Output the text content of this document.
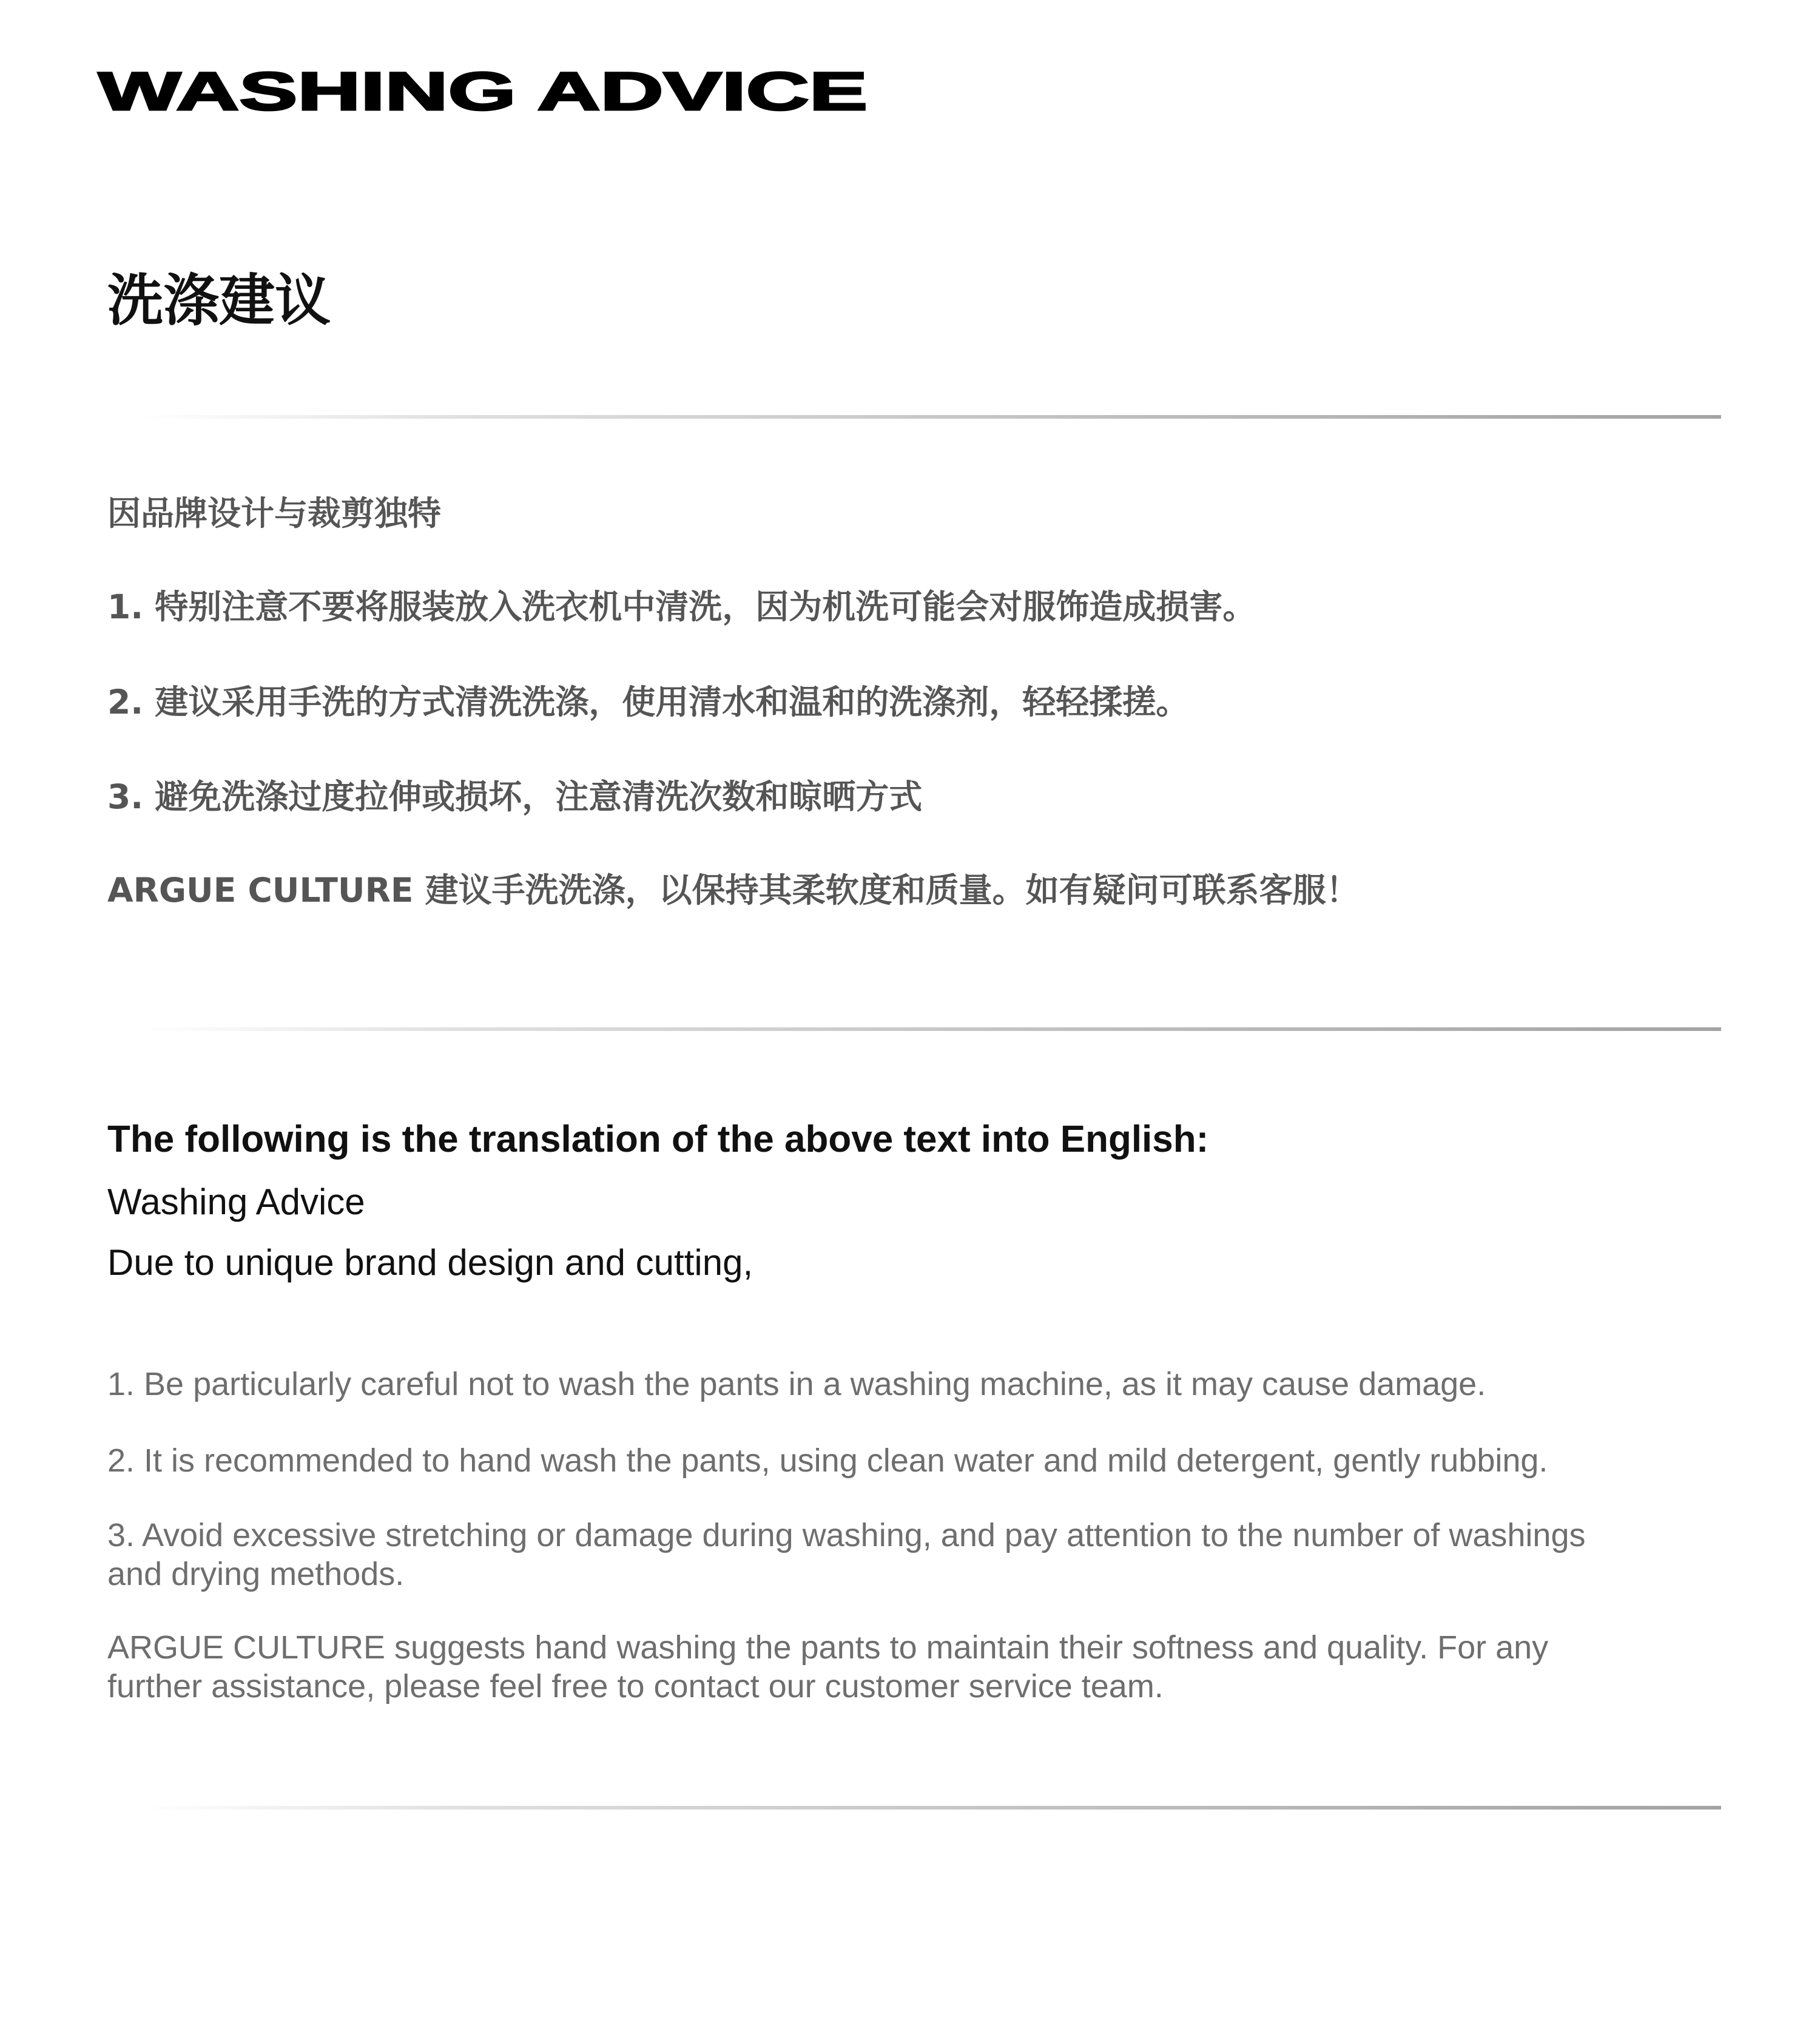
WASHING ADVICE
洗涤建议

因品牌设计与裁剪独特

1. 特别注意不要将服装放入洗衣机中清洗，因为机洗可能会对服饰造成损害。

2. 建议采用手洗的方式清洗洗涤，使用清水和温和的洗涤剂，轻轻揉搓。

3. 避免洗涤过度拉伸或损坏，注意清洗次数和晾晒方式

ARGUE CULTURE 建议手洗洗涤，以保持其柔软度和质量。如有疑问可联系客服！

The following is the translation of the above text into English:

Washing Advice

Due to unique brand design and cutting,

1. Be particularly careful not to wash the pants in a washing machine, as it may cause damage.

2. It is recommended to hand wash the pants, using clean water and mild detergent, gently rubbing.

3. Avoid excessive stretching or damage during washing, and pay attention to the number of washings and drying methods.

ARGUE CULTURE suggests hand washing the pants to maintain their softness and quality. For any further assistance, please feel free to contact our customer service team.
